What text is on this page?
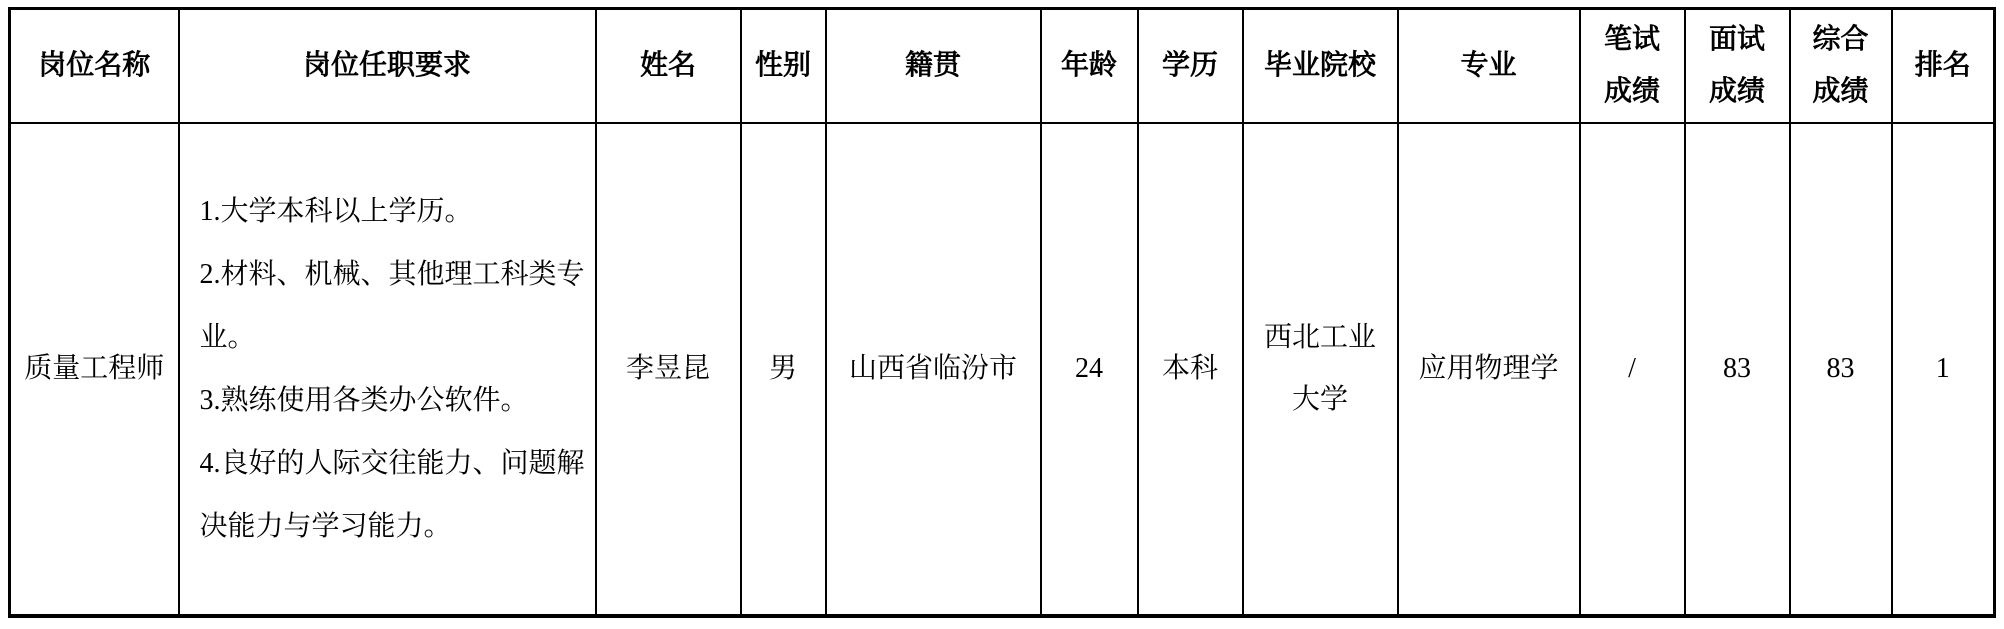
岗位名称	岗位任职要求	姓名	性别	籍贯	年龄	学历	毕业院校	专业	笔试成绩	面试成绩	综合成绩	排名
质量工程师	1.大学本科以上学历。
2.材料、机械、其他理工科类专业。
3.熟练使用各类办公软件。
4.良好的人际交往能力、问题解决能力与学习能力。	李昱昆	男	山西省临汾市	24	本科	西北工业大学	应用物理学	/	83	83	1
